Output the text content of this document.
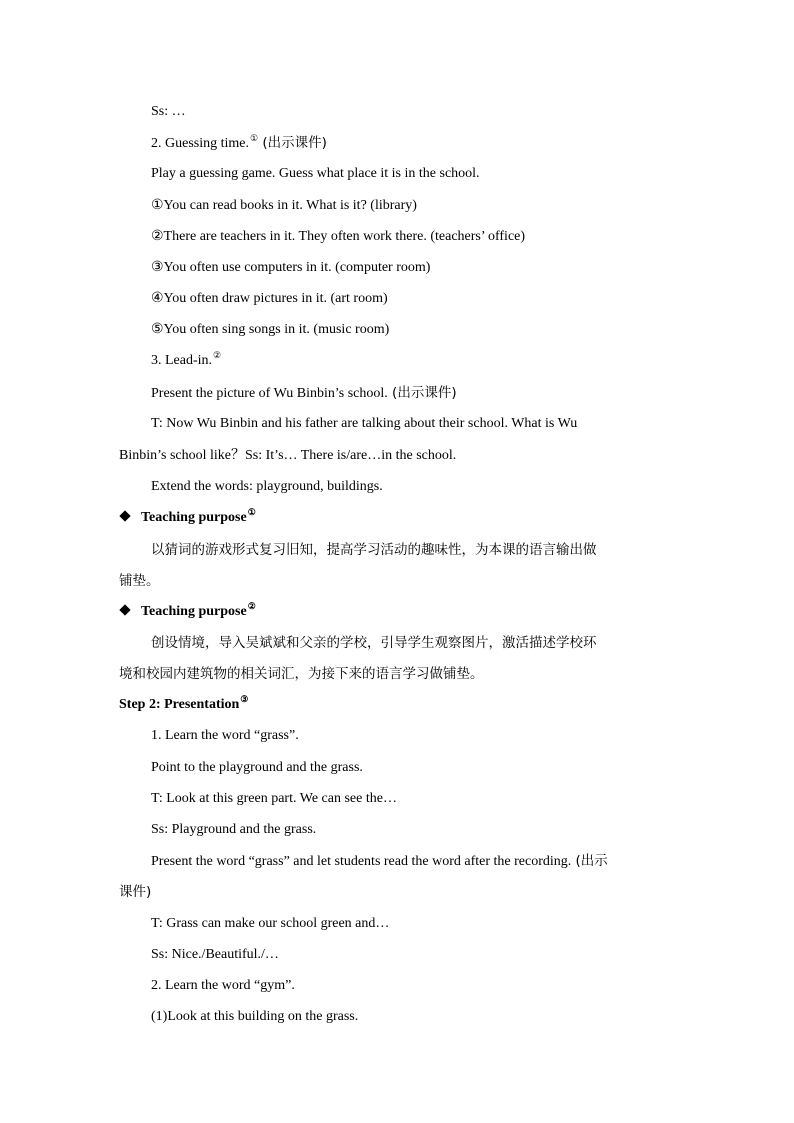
Ss: …
2. Guessing time.① (出示课件)
Play a guessing game. Guess what place it is in the school.
①You can read books in it. What is it? (library)
②There are teachers in it. They often work there. (teachers’ office)
③You often use computers in it. (computer room)
④You often draw pictures in it. (art room)
⑤You often sing songs in it. (music room)
3. Lead-in.②
Present the picture of Wu Binbin’s school. (出示课件)
T: Now Wu Binbin and his father are talking about their school. What is Wu
Binbin’s school like？Ss: It’s… There is/are…in the school.
Extend the words: playground, buildings.
Teaching purpose①
以猜词的游戏形式复习旧知，提高学习活动的趣味性，为本课的语言输出做
铺垫。
Teaching purpose②
创设情境，导入吴斌斌和父亲的学校，引导学生观察图片，激活描述学校环
境和校园内建筑物的相关词汇，为接下来的语言学习做铺垫。
Step 2: Presentation③
1. Learn the word “grass”.
Point to the playground and the grass.
T: Look at this green part. We can see the…
Ss: Playground and the grass.
Present the word “grass” and let students read the word after the recording. (出示
课件)
T: Grass can make our school green and…
Ss: Nice./Beautiful./…
2. Learn the word “gym”.
(1)Look at this building on the grass.
